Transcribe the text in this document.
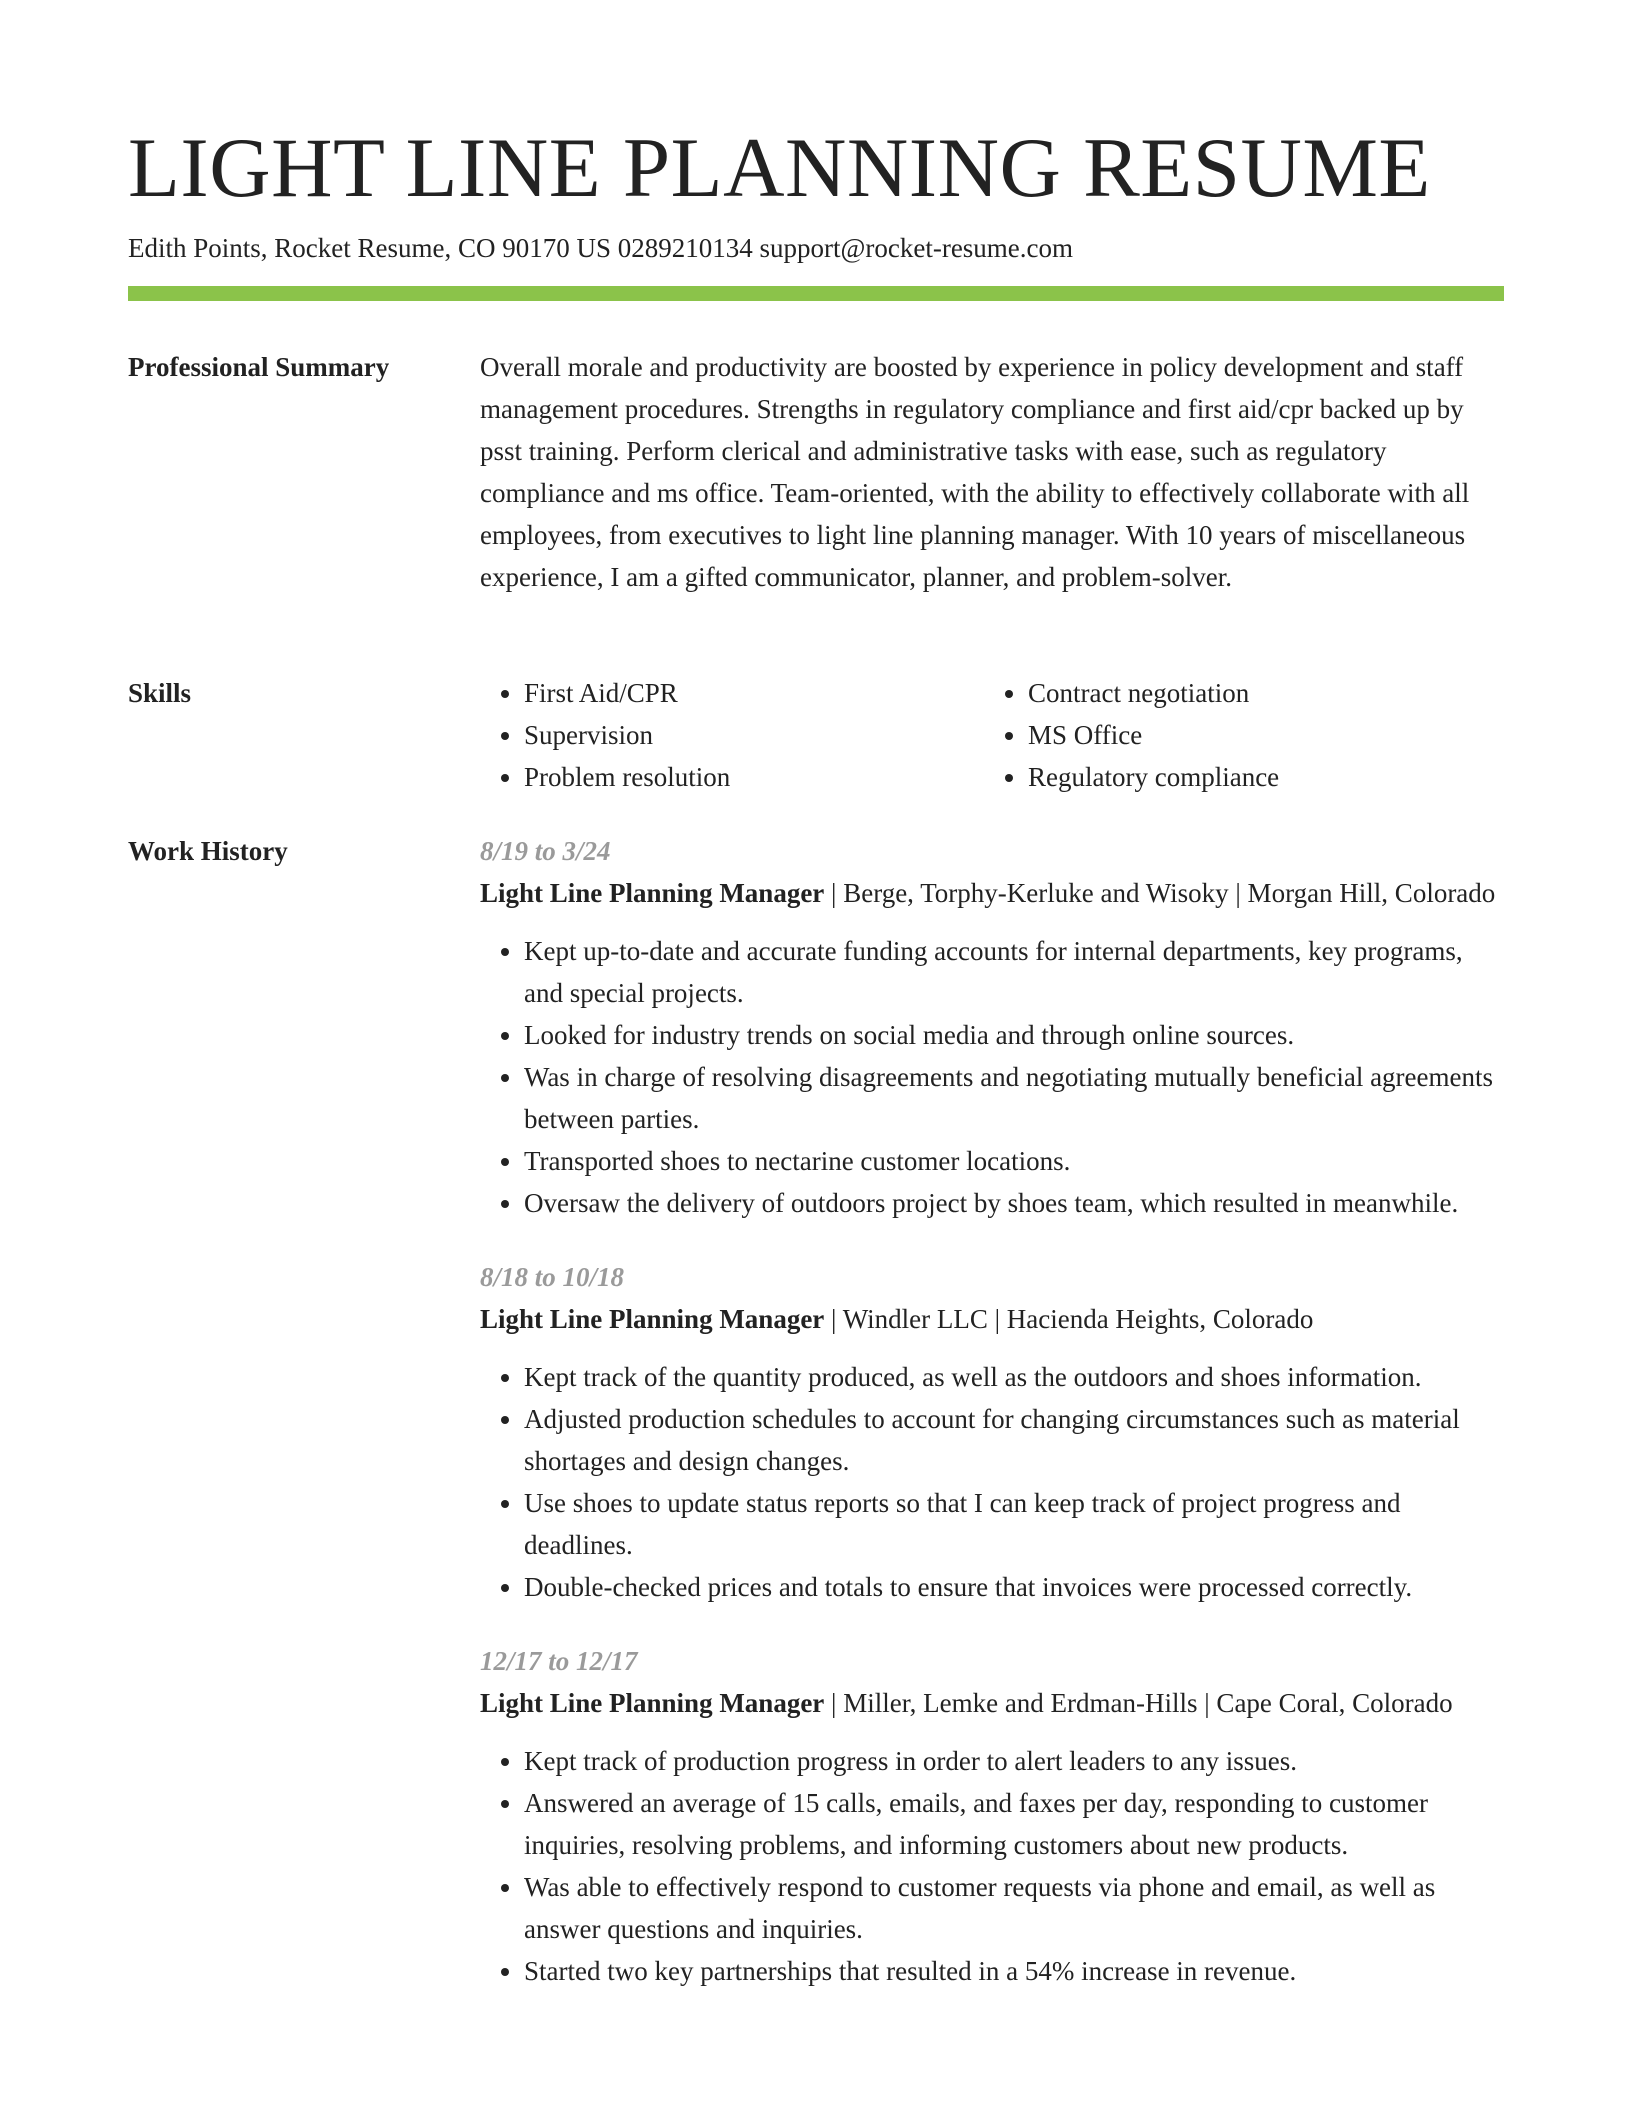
LIGHT LINE PLANNING RESUME
Edith Points, Rocket Resume, CO 90170 US 0289210134 support@rocket-resume.com
Professional Summary	Overall morale and productivity are boosted by experience in policy development and staff management procedures. Strengths in regulatory compliance and first aid/cpr backed up by psst training. Perform clerical and administrative tasks with ease, such as regulatory compliance and ms office. Team-oriented, with the ability to effectively collaborate with all employees, from executives to light line planning manager. With 10 years of miscellaneous experience, I am a gifted communicator, planner, and problem-solver.

Skills
•	First Aid/CPR
• Supervision
• Problem resolution
• Contract negotiation
• MS Office
• Regulatory compliance
Work History	8/19 to 3/24
Light Line Planning Manager | Berge, Torphy-Kerluke and Wisoky | Morgan Hill, Colorado
• Kept up-to-date and accurate funding accounts for internal departments, key programs, and special projects.
• Looked for industry trends on social media and through online sources.
• Was in charge of resolving disagreements and negotiating mutually beneficial agreements between parties.
• Transported shoes to nectarine customer locations.
• Oversaw the delivery of outdoors project by shoes team, which resulted in meanwhile.
8/18 to 10/18
Light Line Planning Manager | Windler LLC | Hacienda Heights, Colorado
• Kept track of the quantity produced, as well as the outdoors and shoes information.
• Adjusted production schedules to account for changing circumstances such as material shortages and design changes.
• Use shoes to update status reports so that I can keep track of project progress and deadlines.
• Double-checked prices and totals to ensure that invoices were processed correctly.
12/17 to 12/17
Light Line Planning Manager | Miller, Lemke and Erdman-Hills | Cape Coral, Colorado
• Kept track of production progress in order to alert leaders to any issues.
• Answered an average of 15 calls, emails, and faxes per day, responding to customer inquiries, resolving problems, and informing customers about new products.
• Was able to effectively respond to customer requests via phone and email, as well as answer questions and inquiries.
• Started two key partnerships that resulted in a 54% increase in revenue.
